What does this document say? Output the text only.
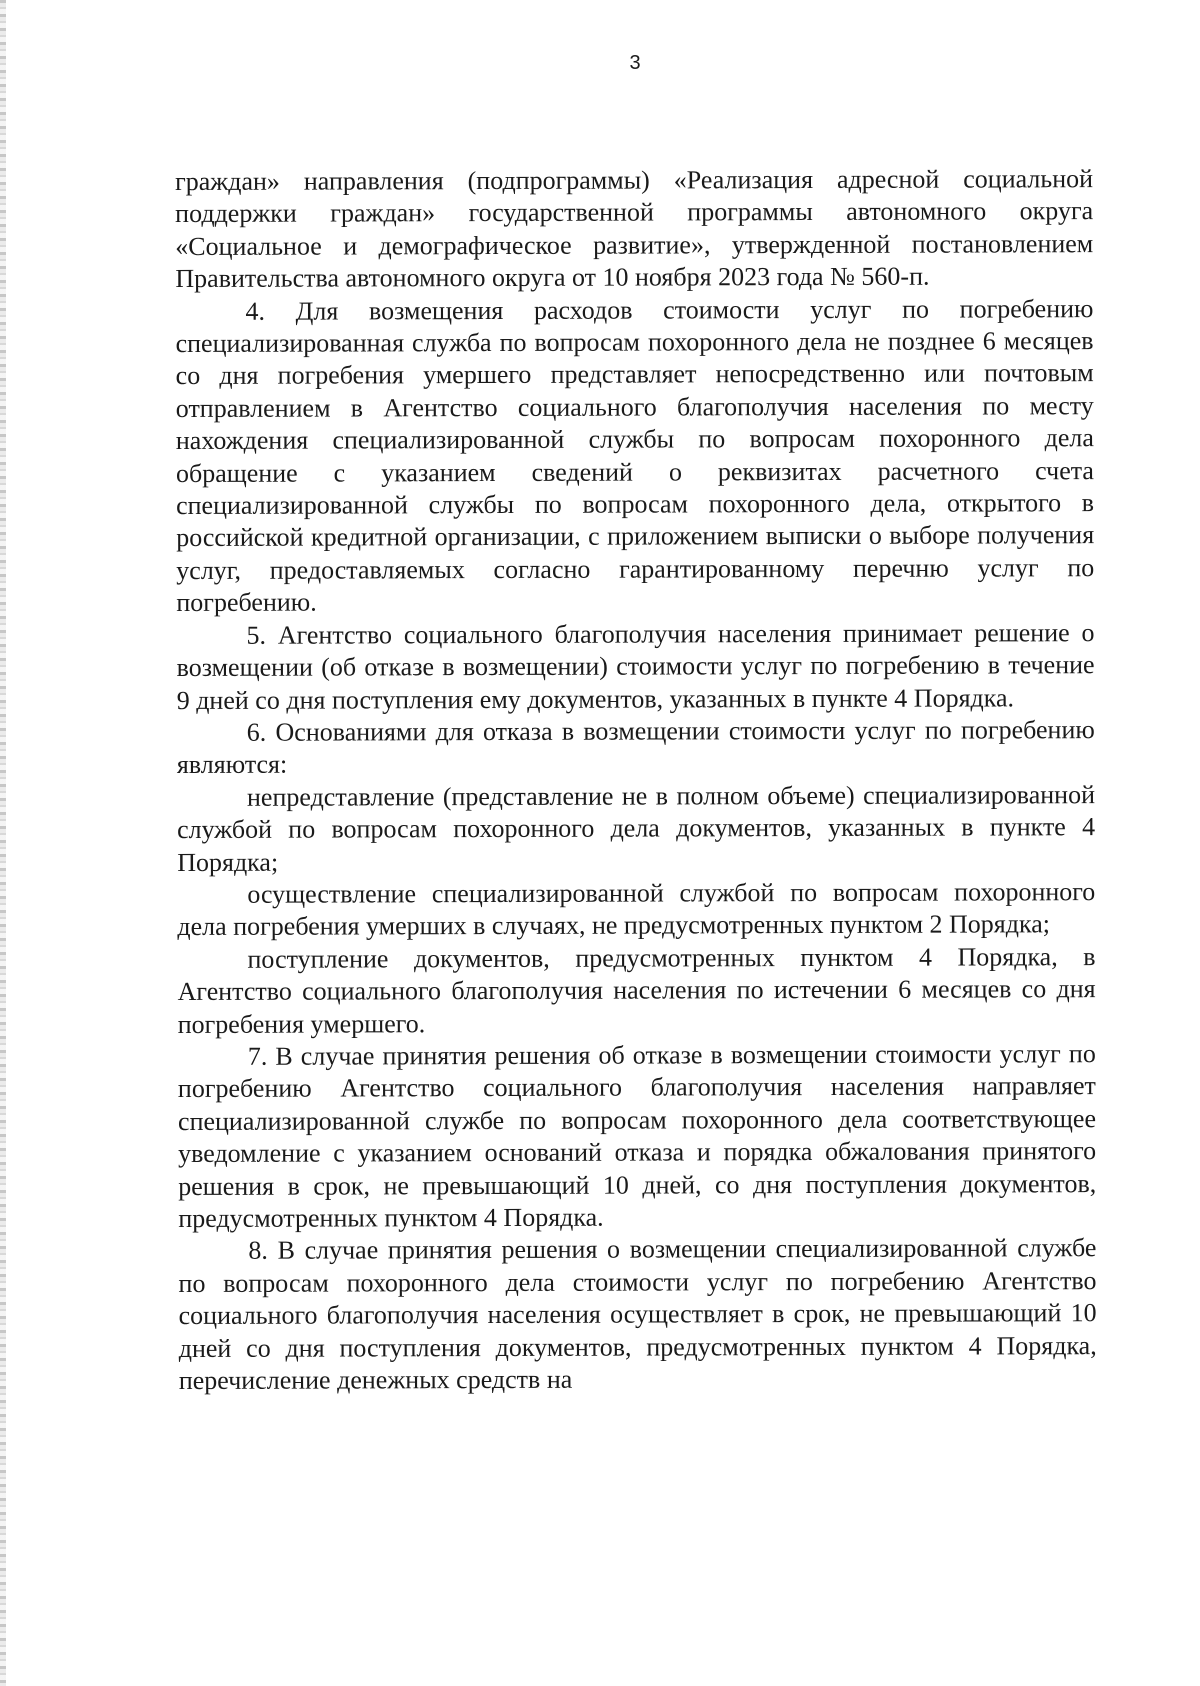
3

граждан» направления (подпрограммы) «Реализация адресной социальной поддержки граждан» государственной программы автономного округа «Социальное и демографическое развитие», утвержденной постановлением Правительства автономного округа от 10 ноября 2023 года № 560-п.

4. Для возмещения расходов стоимости услуг по погребению специализированная служба по вопросам похоронного дела не позднее 6 месяцев со дня погребения умершего представляет непосредственно или почтовым отправлением в Агентство социального благополучия населения по месту нахождения специализированной службы по вопросам похоронного дела обращение с указанием сведений о реквизитах расчетного счета специализированной службы по вопросам похоронного дела, открытого в российской кредитной организации, с приложением выписки о выборе получения услуг, предоставляемых согласно гарантированному перечню услуг по погребению.

5. Агентство социального благополучия населения принимает решение о возмещении (об отказе в возмещении) стоимости услуг по погребению в течение 9 дней со дня поступления ему документов, указанных в пункте 4 Порядка.

6. Основаниями для отказа в возмещении стоимости услуг по погребению являются:

непредставление (представление не в полном объеме) специализированной службой по вопросам похоронного дела документов, указанных в пункте 4 Порядка;

осуществление специализированной службой по вопросам похоронного дела погребения умерших в случаях, не предусмотренных пунктом 2 Порядка;

поступление документов, предусмотренных пунктом 4 Порядка, в Агентство социального благополучия населения по истечении 6 месяцев со дня погребения умершего.

7. В случае принятия решения об отказе в возмещении стоимости услуг по погребению Агентство социального благополучия населения направляет специализированной службе по вопросам похоронного дела соответствующее уведомление с указанием оснований отказа и порядка обжалования принятого решения в срок, не превышающий 10 дней, со дня поступления документов, предусмотренных пунктом 4 Порядка.

8. В случае принятия решения о возмещении специализированной службе по вопросам похоронного дела стоимости услуг по погребению Агентство социального благополучия населения осуществляет в срок, не превышающий 10 дней со дня поступления документов, предусмотренных пунктом 4 Порядка, перечисление денежных средств на
